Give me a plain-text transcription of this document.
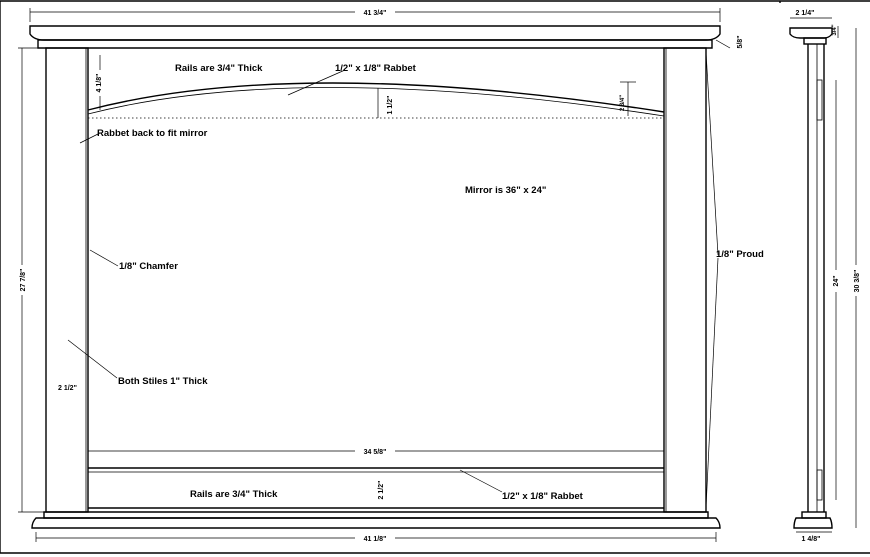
41 3/4"
41 1/8"
34 5/8"
27 7/8"
2 1/2"
4 1/8"
1 1/2"	2 3/4"
2 1/2"
5/8"
Rails are 3/4" Thick	1/2" x 1/8" Rabbet
Rabbet back to fit mirror
Mirror is 36" x 24"
1/8" Chamfer
1/8" Proud
Both Stiles 1" Thick
Rails are 3/4" Thick	1/2" x 1/8" Rabbet
2 1/4"
3/4"
24" 30 3/8"
1 4/8"
